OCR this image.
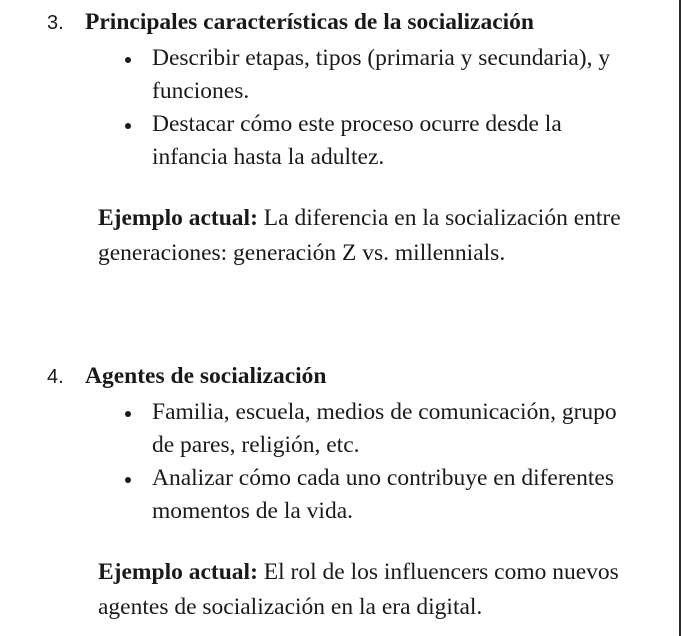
3. Principales características de la socialización
Describir etapas, tipos (primaria y secundaria), y funciones.
Destacar cómo este proceso ocurre desde la infancia hasta la adultez.
Ejemplo actual: La diferencia en la socialización entre generaciones: generación Z vs. millennials.
4. Agentes de socialización
Familia, escuela, medios de comunicación, grupo de pares, religión, etc.
Analizar cómo cada uno contribuye en diferentes momentos de la vida.
Ejemplo actual: El rol de los influencers como nuevos agentes de socialización en la era digital.
